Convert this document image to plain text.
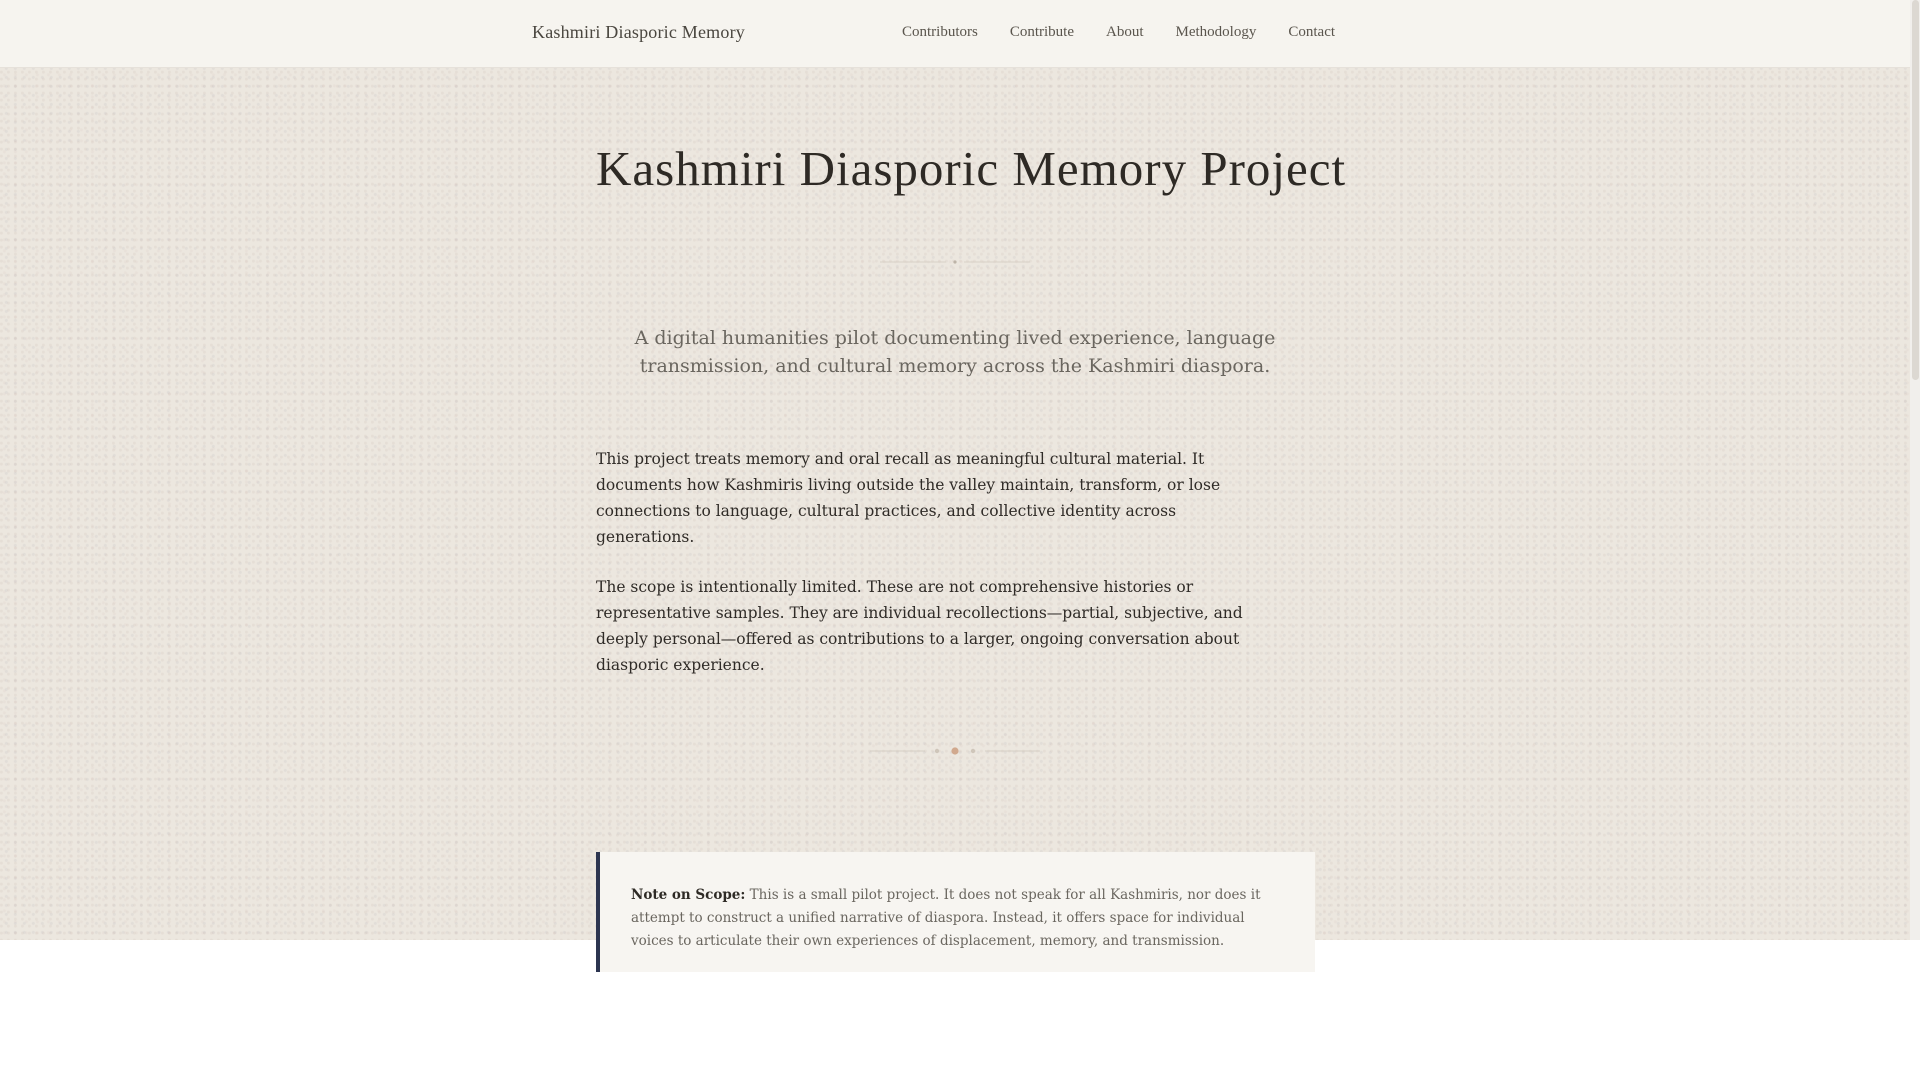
Kashmiri Diasporic Memory	Contributors Contribute About Methodology Contact
Kashmiri Diasporic Memory Project
A digital humanities pilot documenting lived experience, language transmission, and cultural memory across the Kashmiri diaspora.

This project treats memory and oral recall as meaningful cultural material. It documents how Kashmiris living outside the valley maintain, transform, or lose connections to language, cultural practices, and collective identity across generations.

The scope is intentionally limited. These are not comprehensive histories or representative samples. They are individual recollections—partial, subjective, and deeply personal—offered as contributions to a larger, ongoing conversation about diasporic experience.

Note on Scope: This is a small pilot project. It does not speak for all Kashmiris, nor does it attempt to construct a unified narrative of diaspora. Instead, it offers space for individual voices to articulate their own experiences of displacement, memory, and transmission.
